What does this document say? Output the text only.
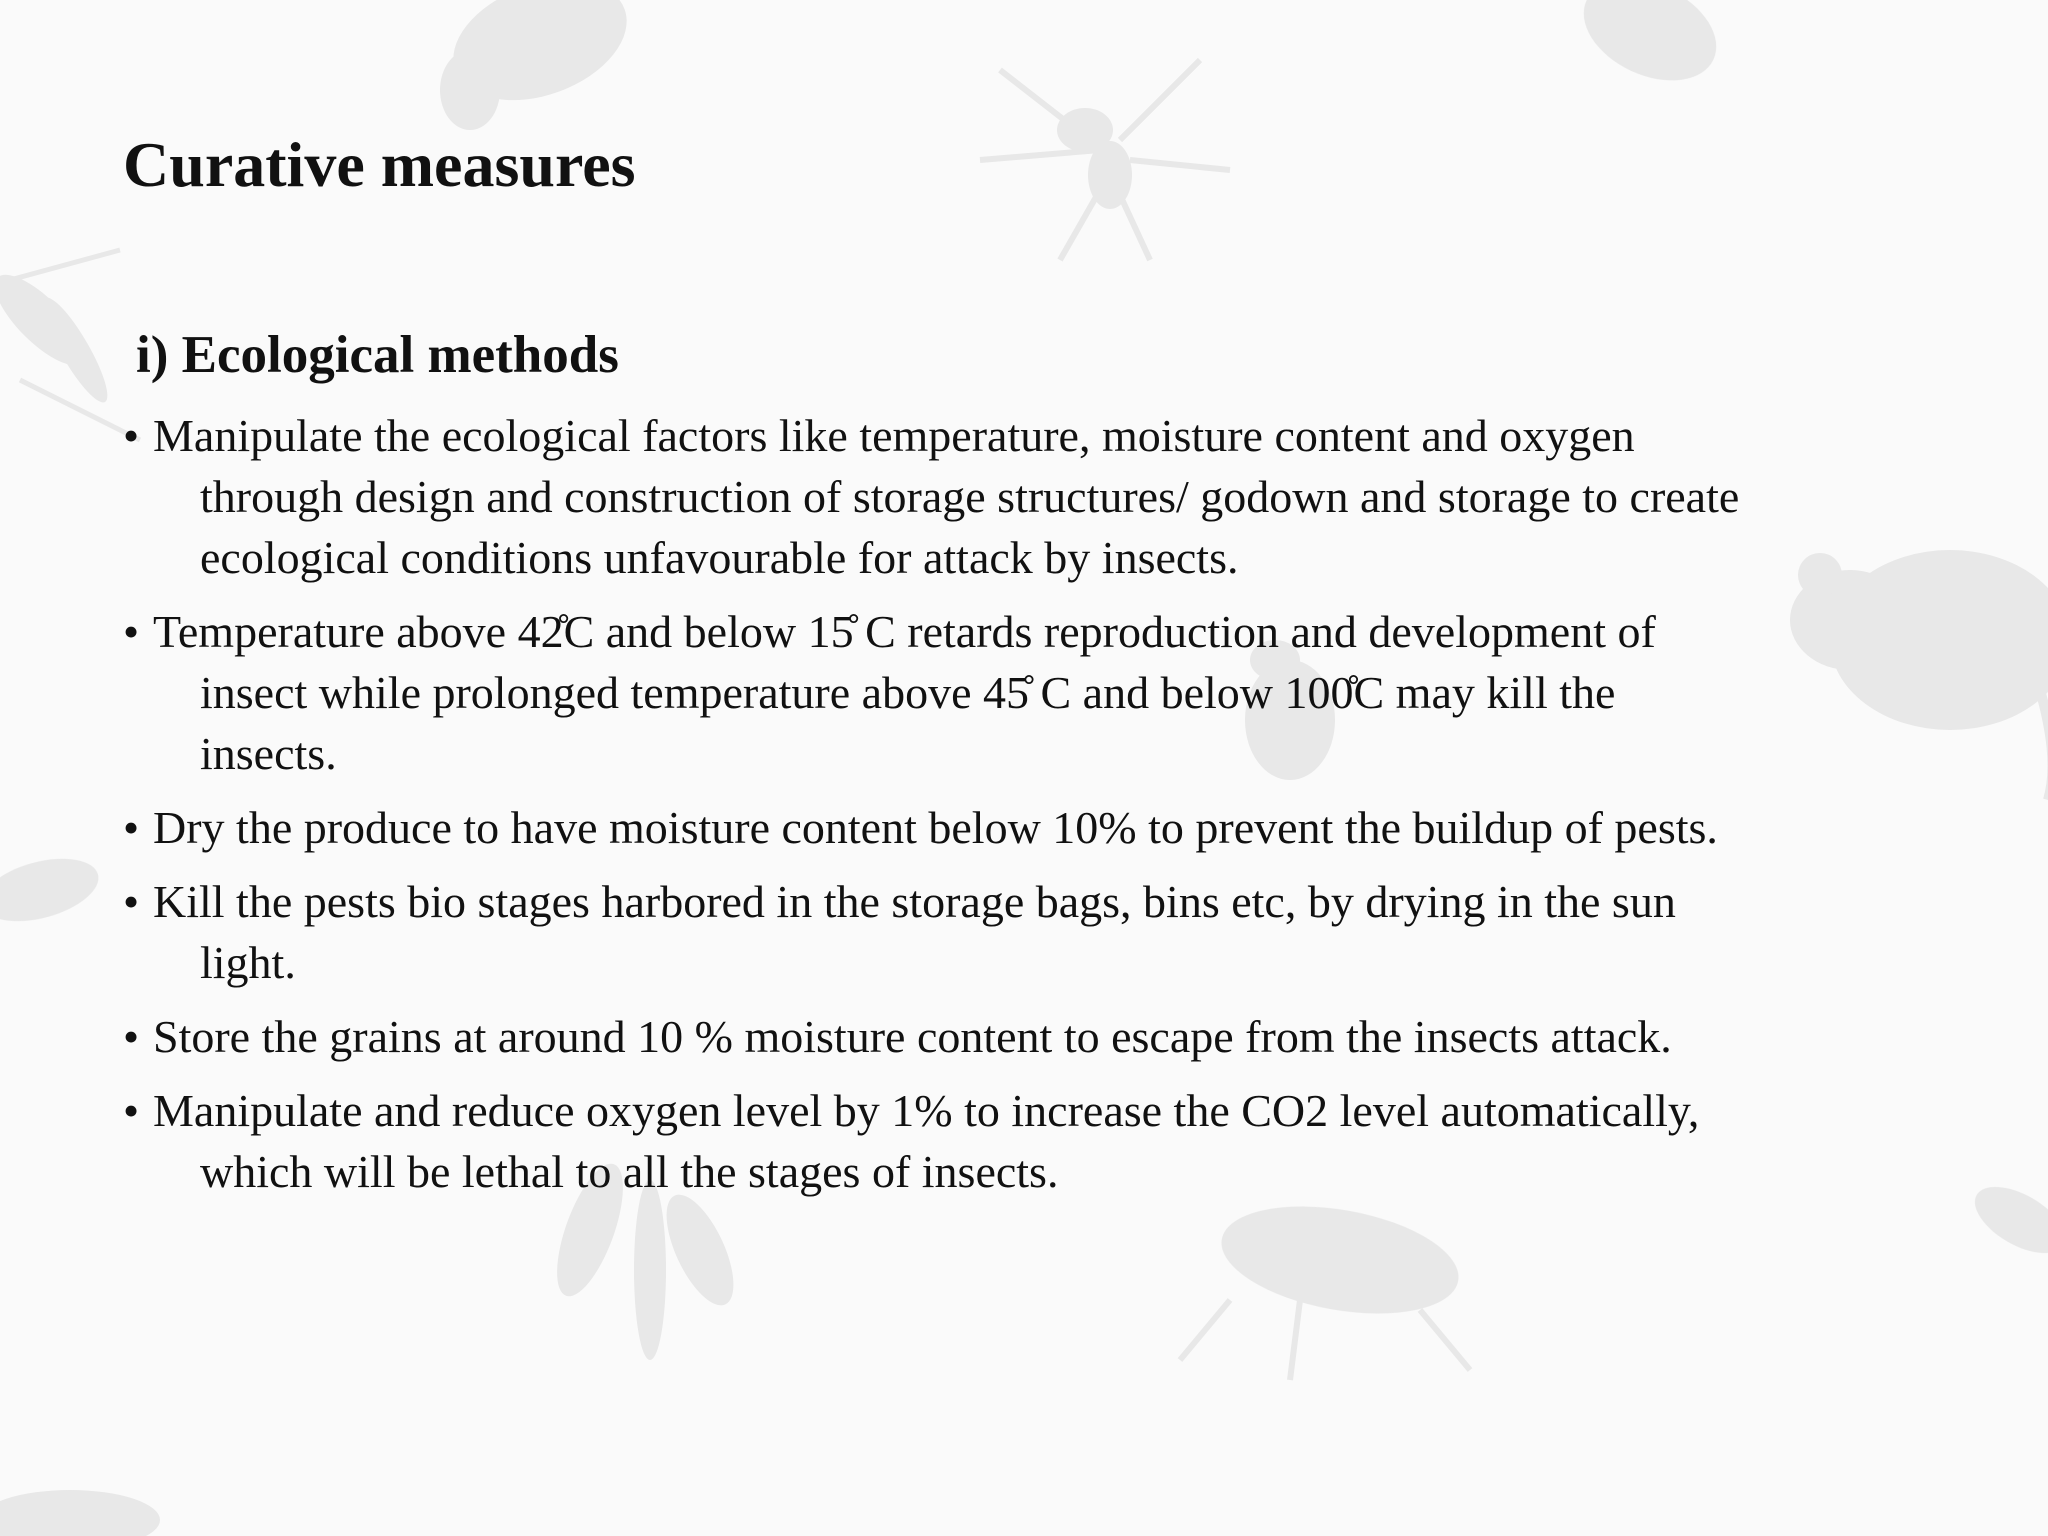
Curative measures
i) Ecological methods
• Manipulate the ecological factors like temperature, moisture content and oxygen
through design and construction of storage structures/ godown and storage to create
ecological conditions unfavourable for attack by insects.
• Temperature above 42̊C and below 15̊ C retards reproduction and development of
insect while prolonged temperature above 45̊ C and below 100̊C may kill the
insects.
• Dry the produce to have moisture content below 10% to prevent the buildup of pests.
• Kill the pests bio stages harbored in the storage bags, bins etc, by drying in the sun
light.
• Store the grains at around 10 % moisture content to escape from the insects attack.
• Manipulate and reduce oxygen level by 1% to increase the CO2 level automatically,
which will be lethal to all the stages of insects.
